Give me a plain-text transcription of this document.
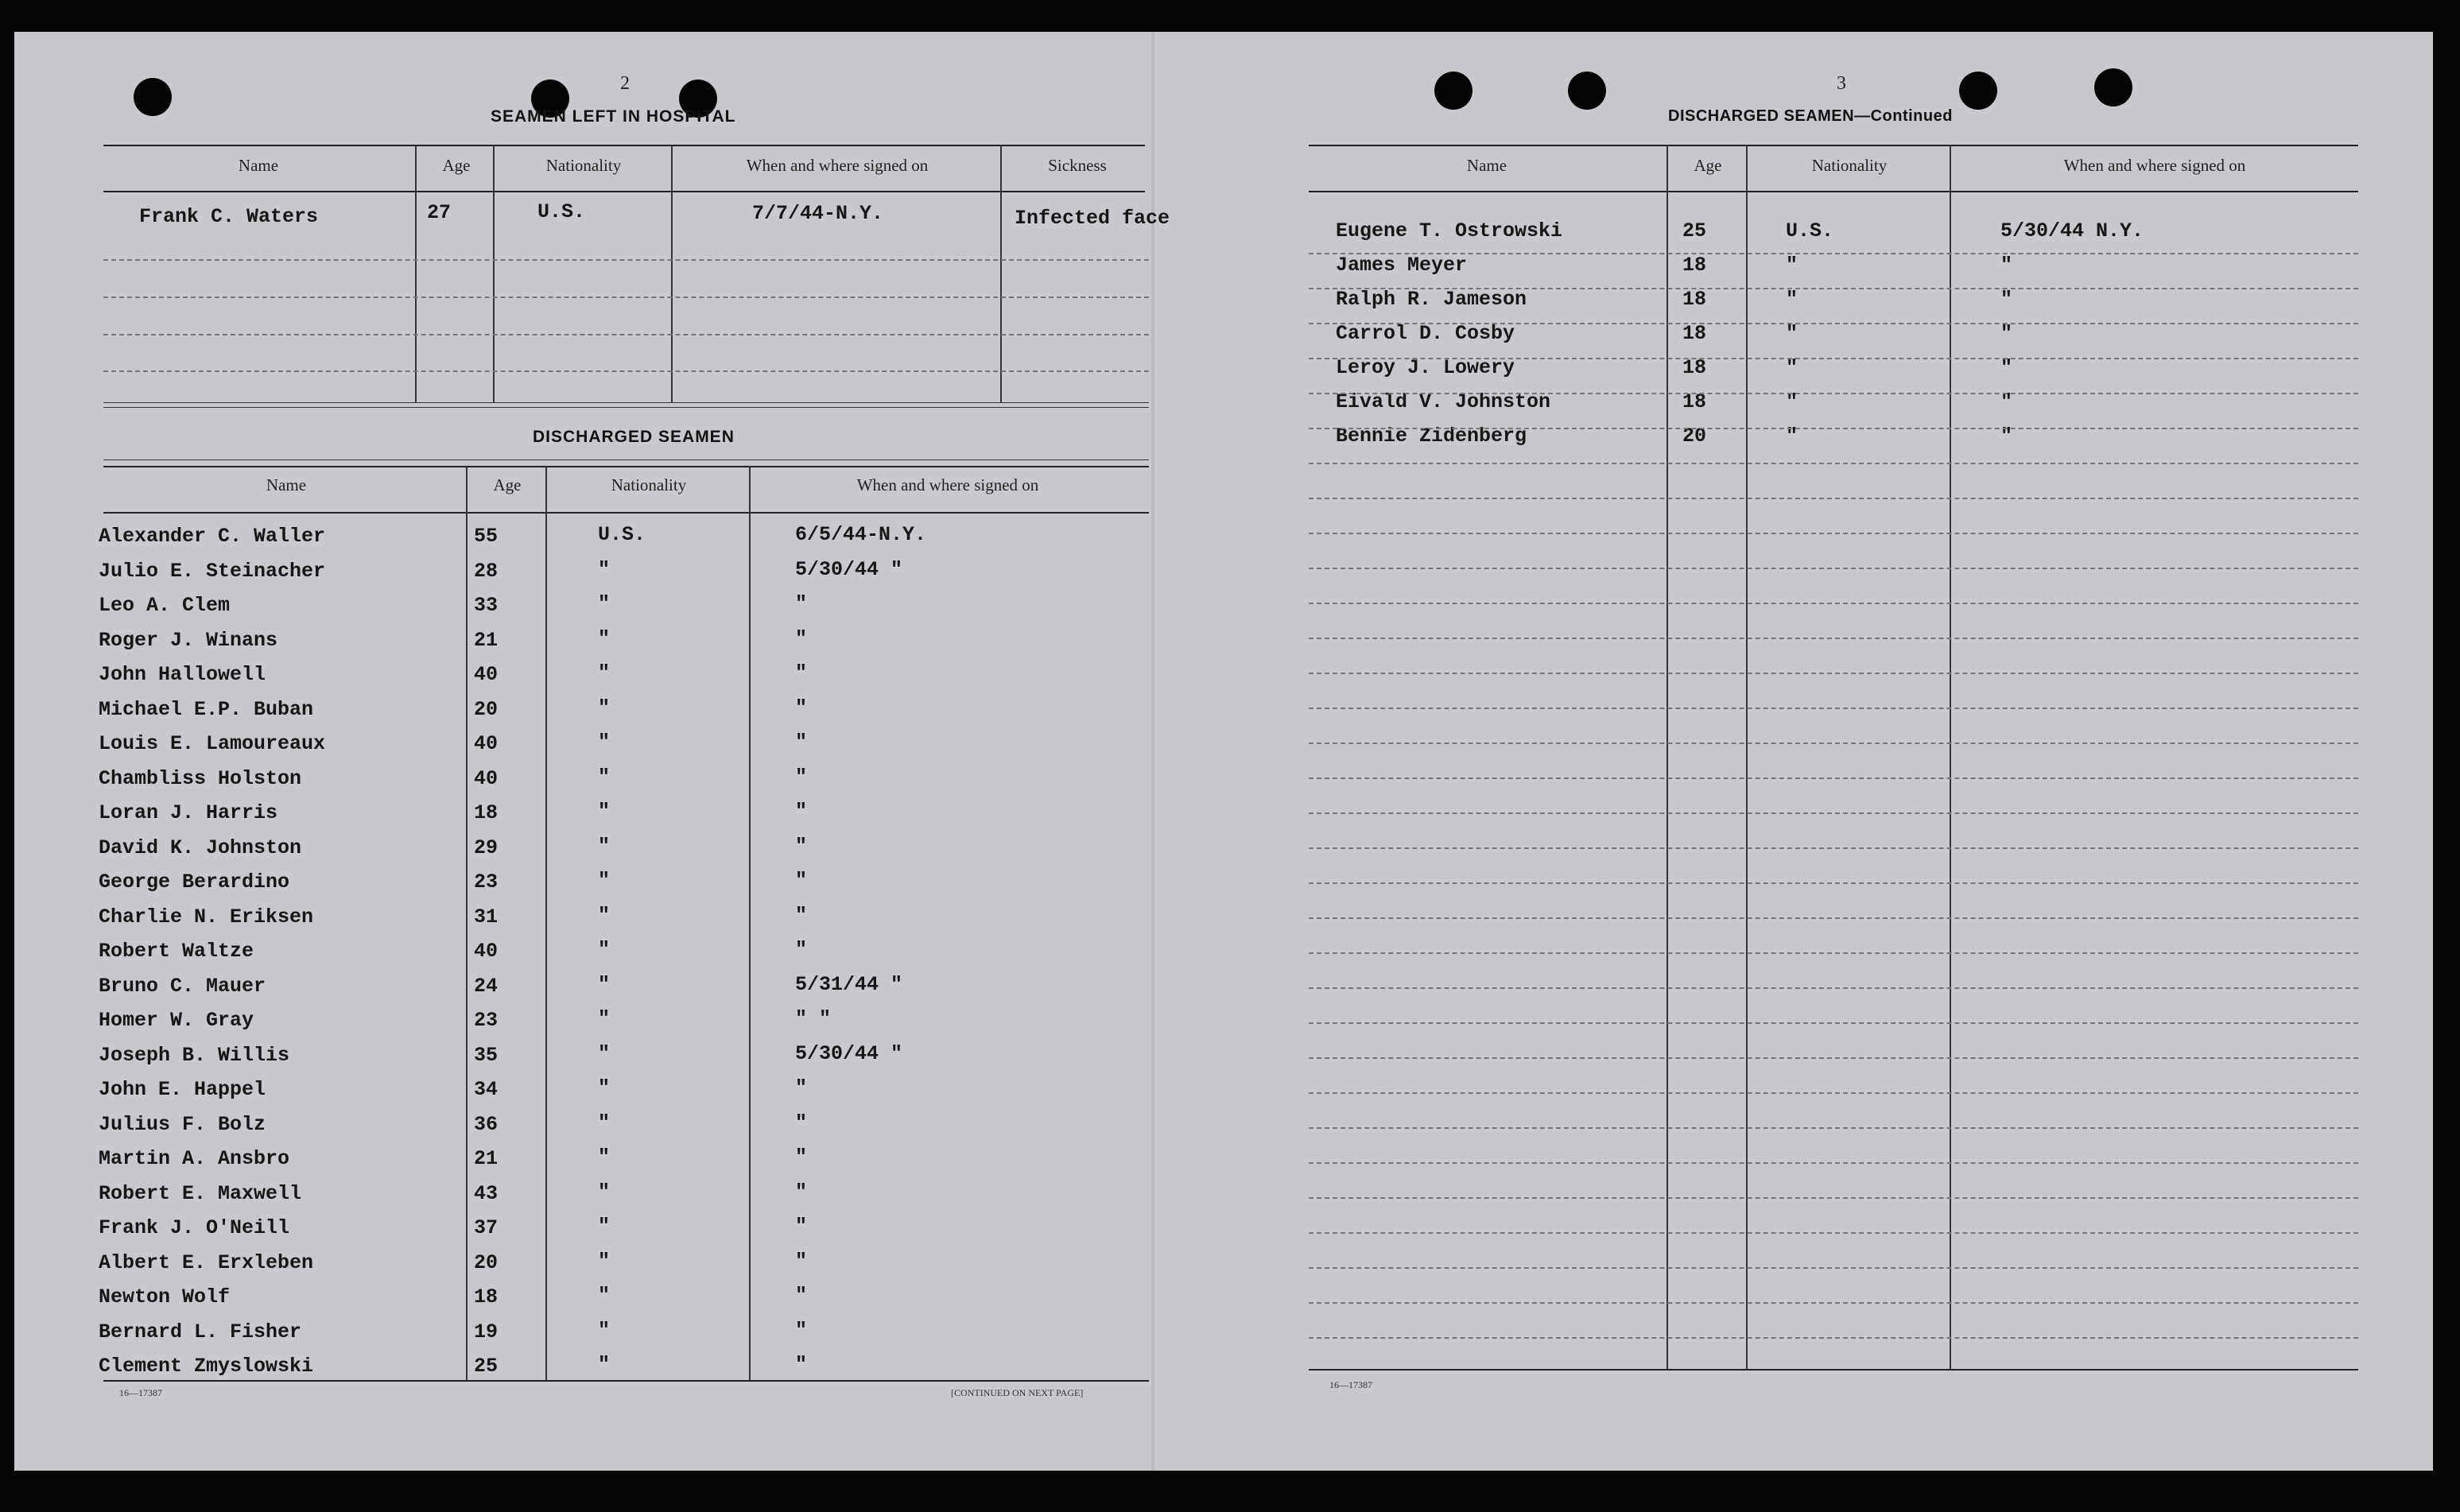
2
SEAMEN LEFT IN HOSPITAL
Name	Age	Nationality	When and where signed on	Sickness
Frank C. Waters	27	U.S.	7/7/44-N.Y.	Infected face
DISCHARGED SEAMEN
Name	Age	Nationality	When and where signed on
Alexander C. Waller	55	U.S.	6/5/44-N.Y.
Julio E. Steinacher	28	"	5/30/44 "
Leo A. Clem	33	"	"
Roger J. Winans	21	"	"
John Hallowell	40	"	"
Michael E.P. Buban	20	"	"
Louis E. Lamoureaux	40	"	"
Chambliss Holston	40	"	"
Loran J. Harris	18	"	"
David K. Johnston	29	"	"
George Berardino	23	"	"
Charlie N. Eriksen	31	"	"
Robert Waltze	40	"	"
Bruno C. Mauer	24	"	5/31/44 "
Homer W. Gray	23	"	" "
Joseph B. Willis	35	"	5/30/44 "
John E. Happel	34	"	"
Julius F. Bolz	36	"	"
Martin A. Ansbro	21	"	"
Robert E. Maxwell	43	"	"
Frank J. O'Neill	37	"	"
Albert E. Erxleben	20	"	"
Newton Wolf	18	"	"
Bernard L. Fisher	19	"	"
Clement Zmyslowski	25	"	"
16—17387	[CONTINUED ON NEXT PAGE]
3
DISCHARGED SEAMEN—Continued
Name	Age	Nationality	When and where signed on
Eugene T. Ostrowski	25	U.S.	5/30/44 N.Y.
James Meyer	18	"	"
Ralph R. Jameson	18	"	"
Carrol D. Cosby	18	"	"
Leroy J. Lowery	18	"	"
Eivald V. Johnston	18	"	"
Bennie Zidenberg	20	"	"
16—17387
